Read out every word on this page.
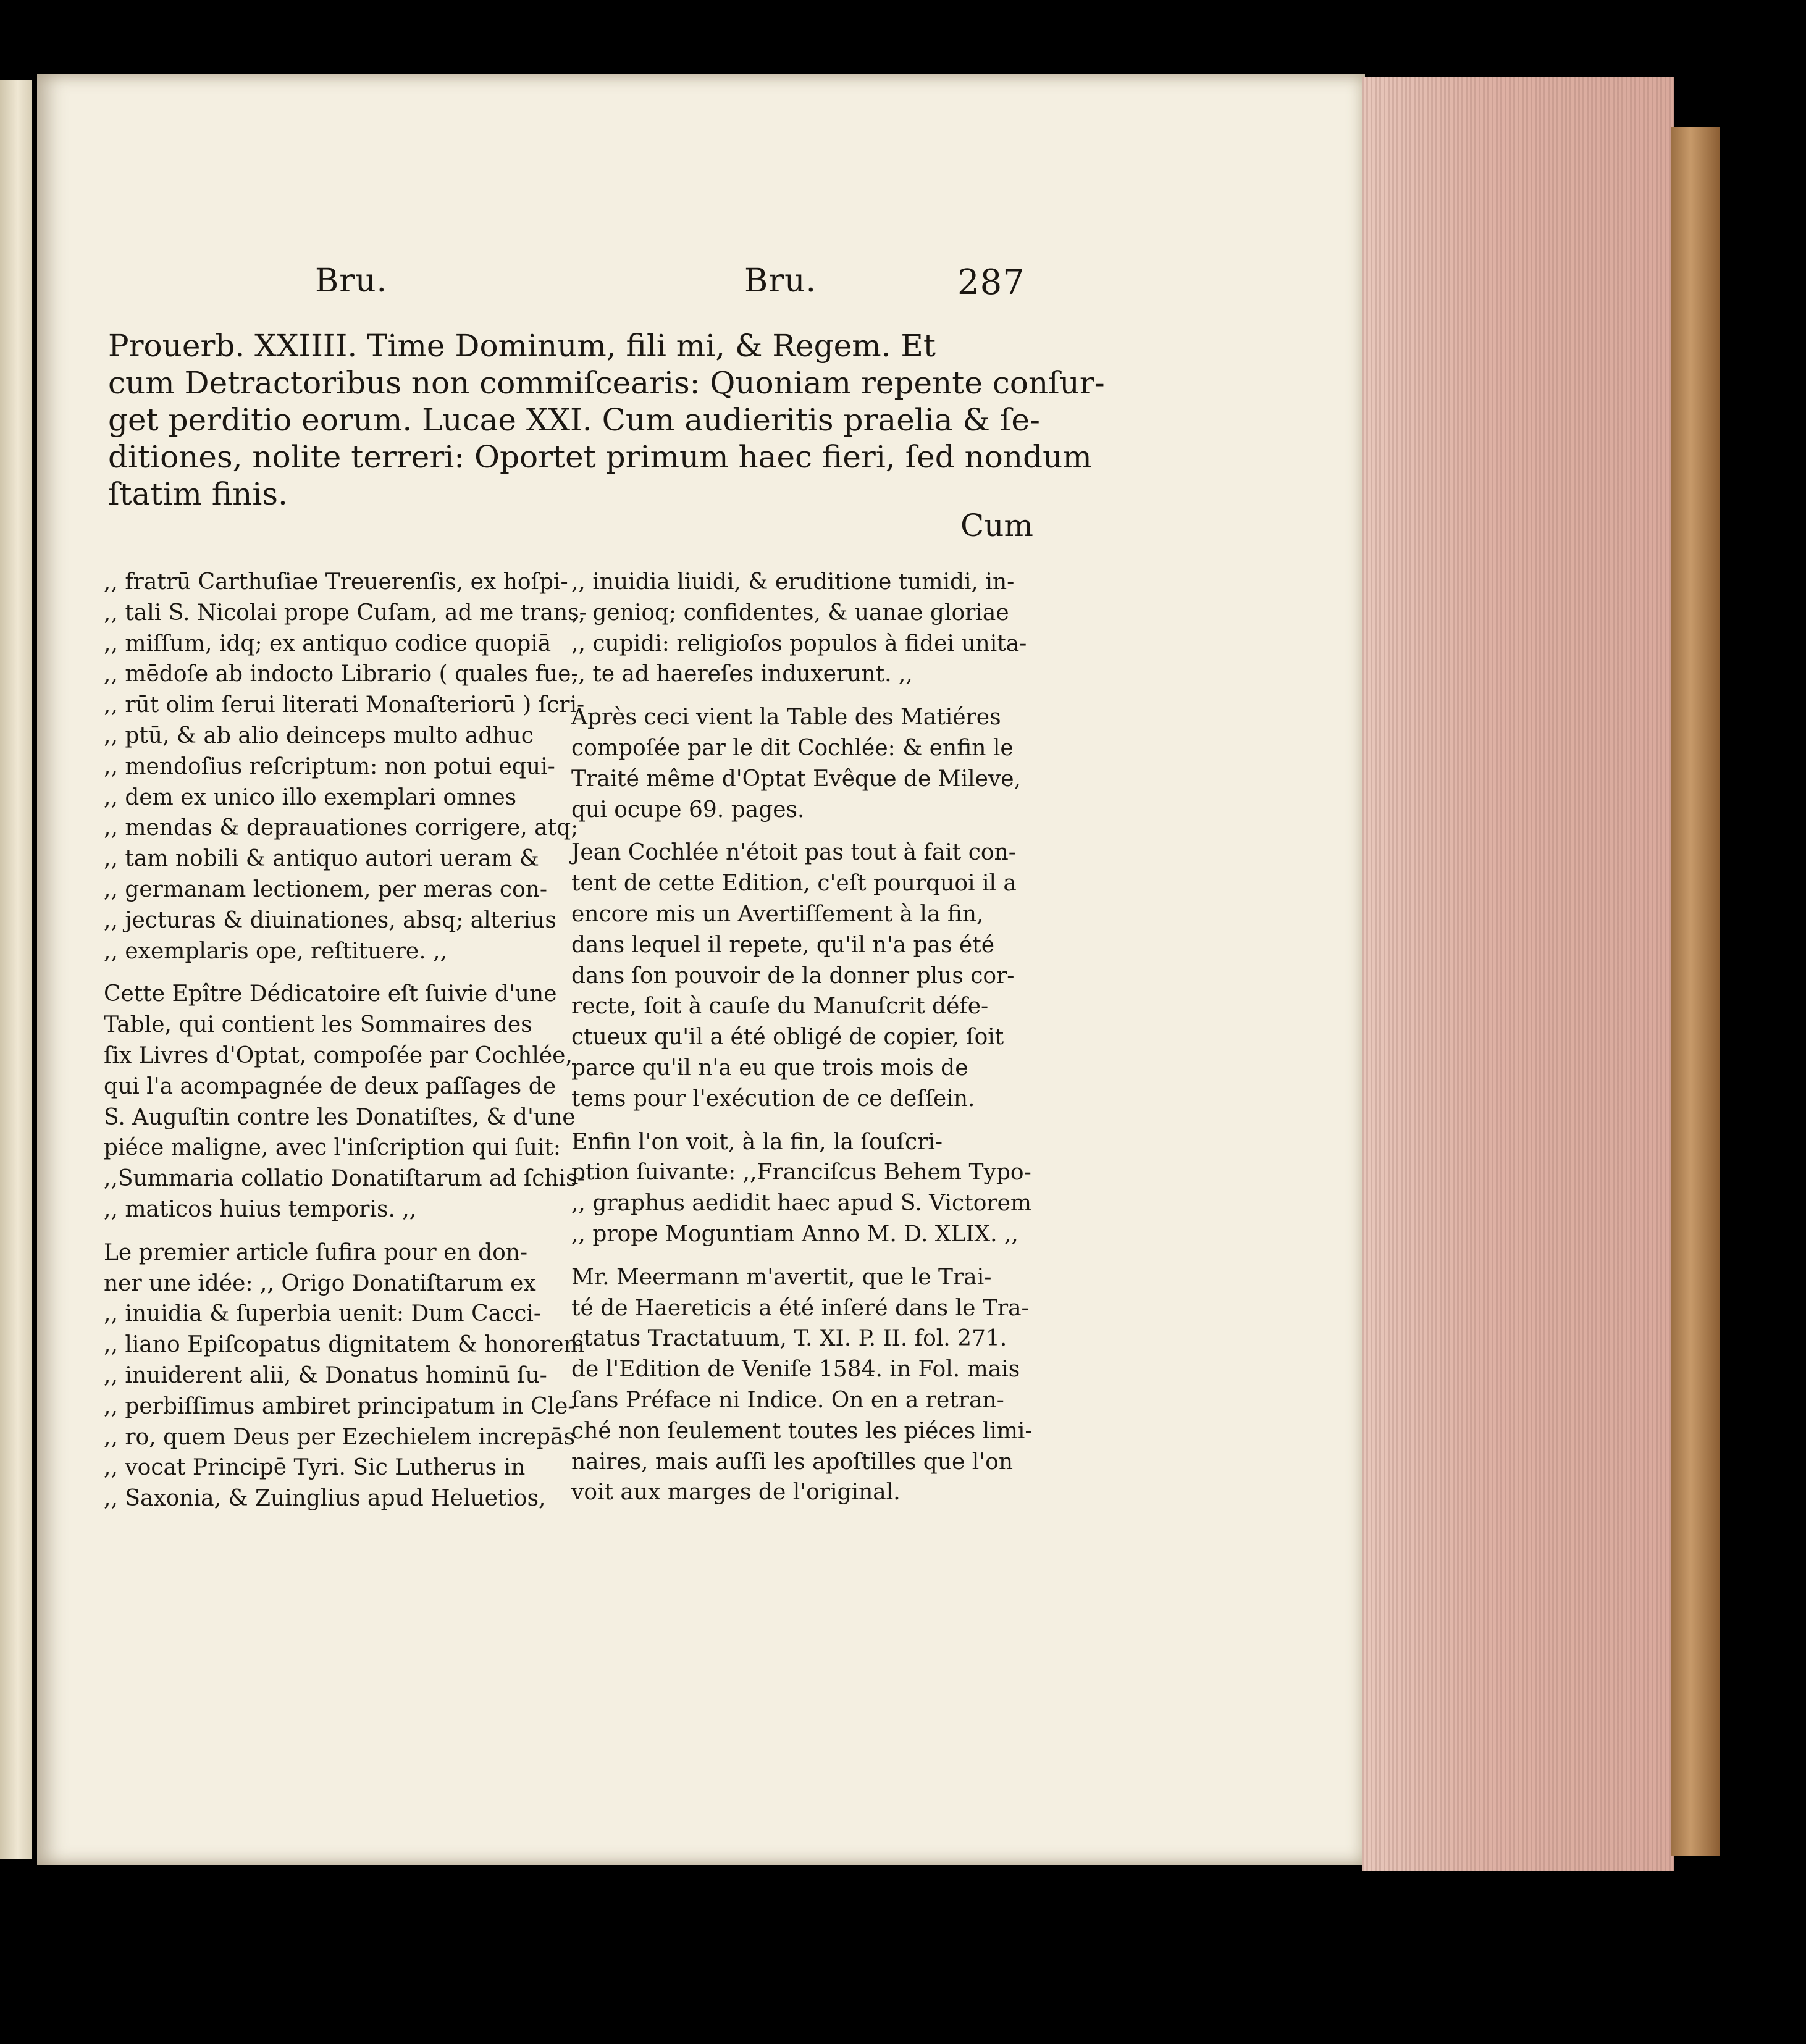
Bru.	Bru.	287
Prouerb. XXIIII. Time Dominum, fili mi, & Regem. Et
cum Detractoribus non commiſcearis: Quoniam repente conſur-
get perditio eorum. Lucae XXI. Cum audieritis praelia & ſe-
ditiones, nolite terreri: Oportet primum haec fieri, ſed nondum
ſtatim finis.
Cum
,, fratrū Carthuſiae Treuerenſis, ex hoſpi-
,, tali S. Nicolai prope Cuſam, ad me trans-
,, miſſum, idq; ex antiquo codice quopiā
,, mēdoſe ab indocto Librario ( quales fue-
,, rūt olim ſerui literati Monaſteriorū ) ſcri-
,, ptū, & ab alio deinceps multo adhuc
,, mendoſius reſcriptum: non potui equi-
,, dem ex unico illo exemplari omnes
,, mendas & deprauationes corrigere, atq;
,, tam nobili & antiquo autori ueram &
,, germanam lectionem, per meras con-
,, jecturas & diuinationes, absq; alterius
,, exemplaris ope, reſtituere. ,,
Cette Epître Dédicatoire eſt ſuivie d'une
Table, qui contient les Sommaires des
ſix Livres d'Optat, compoſée par Cochlée,
qui l'a acompagnée de deux paſſages de
S. Auguſtin contre les Donatiſtes, & d'une
piéce maligne, avec l'inſcription qui ſuit:
,,Summaria collatio Donatiſtarum ad ſchis-
,, maticos huius temporis. ,,
Le premier article ſufira pour en don-
ner une idée: ,, Origo Donatiſtarum ex
,, inuidia & ſuperbia uenit: Dum Cacci-
,, liano Epiſcopatus dignitatem & honorem
,, inuiderent alii, & Donatus hominū ſu-
,, perbiſſimus ambiret principatum in Cle-
,, ro, quem Deus per Ezechielem increpās
,, vocat Principē Tyri. Sic Lutherus in
,, Saxonia, & Zuinglius apud Heluetios,
,, inuidia liuidi, & eruditione tumidi, in-
,, genioq; confidentes, & uanae gloriae
,, cupidi: religioſos populos à fidei unita-
,, te ad haereſes induxerunt. ,,
Après ceci vient la Table des Matiéres
compoſée par le dit Cochlée: & enfin le
Traité même d'Optat Evêque de Mileve,
qui ocupe 69. pages.
Jean Cochlée n'étoit pas tout à fait con-
tent de cette Edition, c'eſt pourquoi il a
encore mis un Avertiſſement à la fin,
dans lequel il repete, qu'il n'a pas été
dans ſon pouvoir de la donner plus cor-
recte, ſoit à cauſe du Manuſcrit défe-
ctueux qu'il a été obligé de copier, ſoit
parce qu'il n'a eu que trois mois de
tems pour l'exécution de ce deſſein.
Enfin l'on voit, à la fin, la ſouſcri-
ption ſuivante: ,,Franciſcus Behem Typo-
,, graphus aedidit haec apud S. Victorem
,, prope Moguntiam Anno M. D. XLIX. ,,
Mr. Meermann m'avertit, que le Trai-
té de Haereticis a été inſeré dans le Tra-
ctatus Tractatuum, T. XI. P. II. fol. 271.
de l'Edition de Veniſe 1584. in Fol. mais
ſans Préface ni Indice. On en a retran-
ché non ſeulement toutes les piéces limi-
naires, mais auſſi les apoſtilles que l'on
voit aux marges de l'original.
